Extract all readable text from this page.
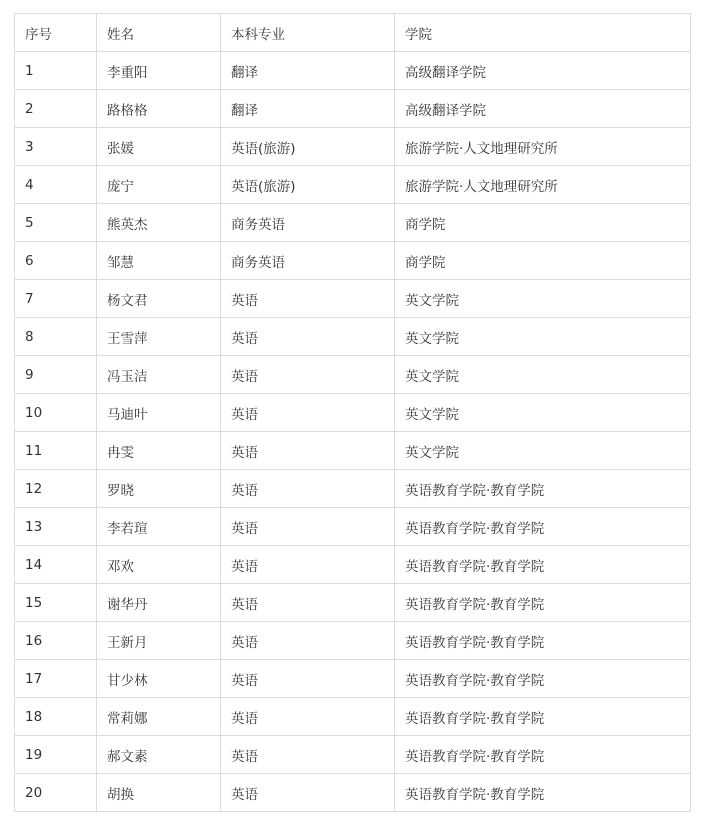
序号	姓名	本科专业	学院
1	李重阳	翻译	高级翻译学院
2	路格格	翻译	高级翻译学院
3	张媛	英语(旅游)	旅游学院·人文地理研究所
4	庞宁	英语(旅游)	旅游学院·人文地理研究所
5	熊英杰	商务英语	商学院
6	邹慧	商务英语	商学院
7	杨文君	英语	英文学院
8	王雪萍	英语	英文学院
9	冯玉洁	英语	英文学院
10	马迪叶	英语	英文学院
11	冉雯	英语	英文学院
12	罗晓	英语	英语教育学院·教育学院
13	李若瑄	英语	英语教育学院·教育学院
14	邓欢	英语	英语教育学院·教育学院
15	谢华丹	英语	英语教育学院·教育学院
16	王新月	英语	英语教育学院·教育学院
17	甘少林	英语	英语教育学院·教育学院
18	常莉娜	英语	英语教育学院·教育学院
19	郝文素	英语	英语教育学院·教育学院
20	胡换	英语	英语教育学院·教育学院
